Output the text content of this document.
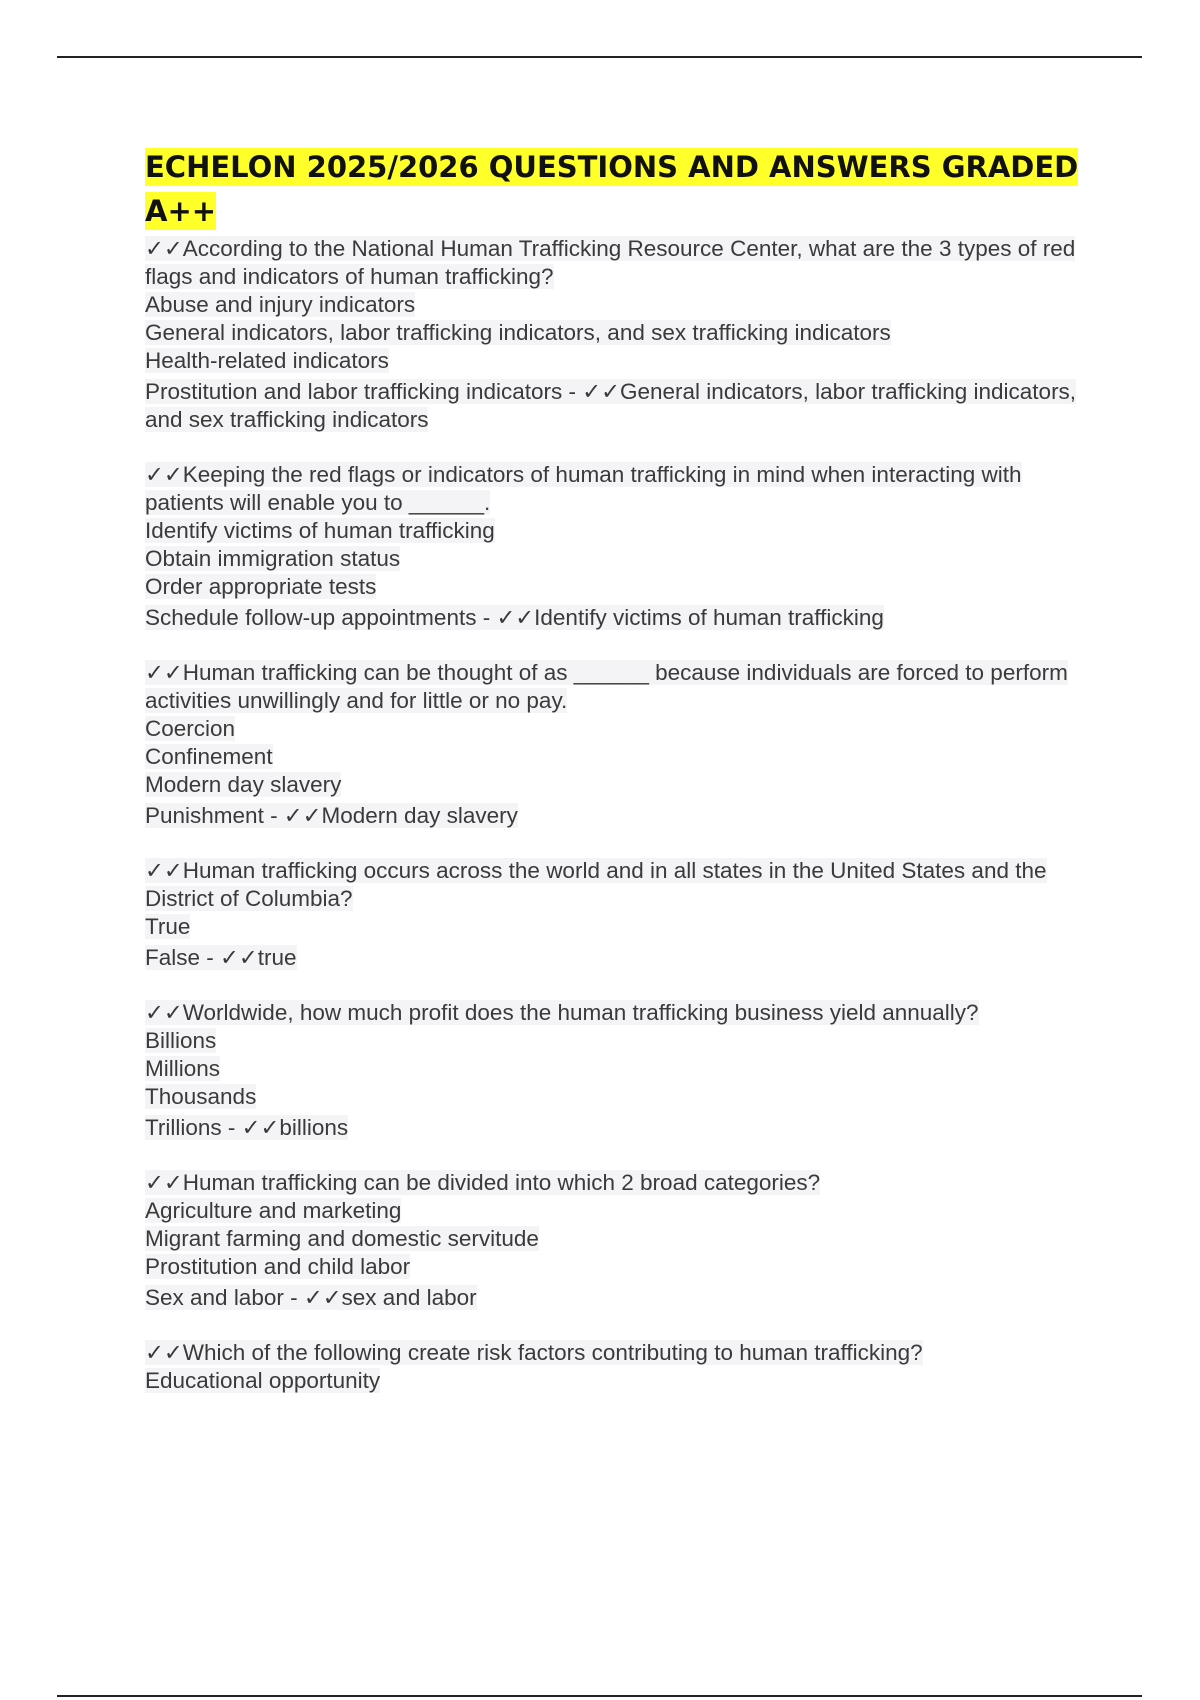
ECHELON 2025/2026 QUESTIONS AND ANSWERS GRADED A++
✓✓According to the National Human Trafficking Resource Center, what are the 3 types of red flags and indicators of human trafficking?
Abuse and injury indicators
General indicators, labor trafficking indicators, and sex trafficking indicators
Health-related indicators
Prostitution and labor trafficking indicators - ✓✓General indicators, labor trafficking indicators, and sex trafficking indicators
✓✓Keeping the red flags or indicators of human trafficking in mind when interacting with patients will enable you to ______.
Identify victims of human trafficking
Obtain immigration status
Order appropriate tests
Schedule follow-up appointments - ✓✓Identify victims of human trafficking
✓✓Human trafficking can be thought of as ______ because individuals are forced to perform activities unwillingly and for little or no pay.
Coercion
Confinement
Modern day slavery
Punishment - ✓✓Modern day slavery
✓✓Human trafficking occurs across the world and in all states in the United States and the District of Columbia?
True
False - ✓✓true
✓✓Worldwide, how much profit does the human trafficking business yield annually?
Billions
Millions
Thousands
Trillions - ✓✓billions
✓✓Human trafficking can be divided into which 2 broad categories?
Agriculture and marketing
Migrant farming and domestic servitude
Prostitution and child labor
Sex and labor - ✓✓sex and labor
✓✓Which of the following create risk factors contributing to human trafficking?
Educational opportunity
